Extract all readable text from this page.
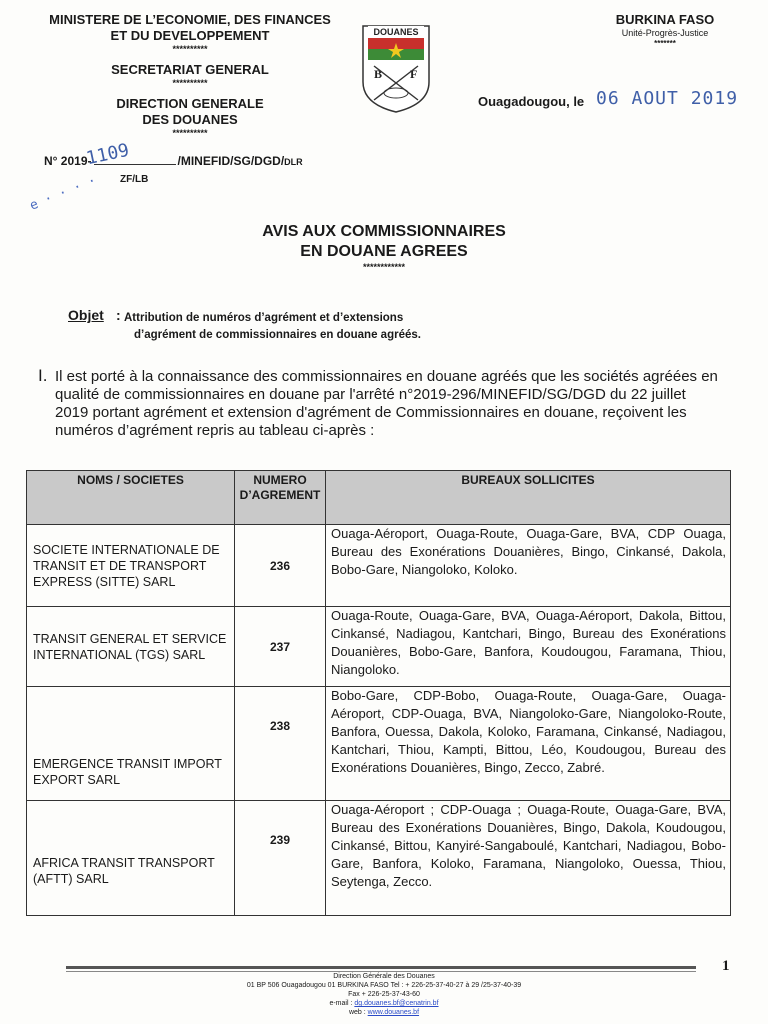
MINISTERE DE L’ECONOMIE, DES FINANCES
ET DU DEVELOPPEMENT
**********
SECRETARIAT GENERAL
**********
DIRECTION GENERALE
DES DOUANES
**********
DOUANES
B F
BURKINA FASO
Unité-Progrès-Justice
*******
Ouagadougou, le 06 AOUT 2019
N° 2019-	/MINEFID/SG/DGD/DLR
1109
ZF/LB
e · · · ·
AVIS AUX COMMISSIONNAIRES
EN DOUANE AGREES
************
Objet : Attribution de numéros d’agrément et d’extensions
d’agrément de commissionnaires en douane agréés.
I. Il est porté à la connaissance des commissionnaires en douane agréés que les sociétés agréées en qualité de commissionnaires en douane par l'arrêté n°2019-296/MINEFID/SG/DGD du 22 juillet 2019 portant agrément et extension d'agrément de Commissionnaires en douane, reçoivent les numéros d’agrément repris au tableau ci-après :
NOMS / SOCIETES	NUMERO D’AGREMENT	BUREAUX SOLLICITES
SOCIETE INTERNATIONALE DE TRANSIT ET DE TRANSPORT EXPRESS (SITTE) SARL	236	Ouaga-Aéroport, Ouaga-Route, Ouaga-Gare, BVA, CDP Ouaga, Bureau des Exonérations Douanières, Bingo, Cinkansé, Dakola, Bobo-Gare, Niangoloko, Koloko.
TRANSIT GENERAL ET SERVICE INTERNATIONAL (TGS) SARL	237	Ouaga-Route, Ouaga-Gare, BVA, Ouaga-Aéroport, Dakola, Bittou, Cinkansé, Nadiagou, Kantchari, Bingo, Bureau des Exonérations Douanières, Bobo-Gare, Banfora, Koudougou, Faramana, Thiou, Niangoloko.
EMERGENCE TRANSIT IMPORT EXPORT SARL	238	Bobo-Gare, CDP-Bobo, Ouaga-Route, Ouaga-Gare, Ouaga-Aéroport, CDP-Ouaga, BVA, Niangoloko-Gare, Niangoloko-Route, Banfora, Ouessa, Dakola, Koloko, Faramana, Cinkansé, Nadiagou, Kantchari, Thiou, Kampti, Bittou, Léo, Koudougou, Bureau des Exonérations Douanières, Bingo, Zecco, Zabré.
AFRICA TRANSIT TRANSPORT (AFTT) SARL	239	Ouaga-Aéroport ; CDP-Ouaga ; Ouaga-Route, Ouaga-Gare, BVA, Bureau des Exonérations Douanières, Bingo, Dakola, Koudougou, Cinkansé, Bittou, Kanyiré-Sangaboulé, Kantchari, Nadiagou, Bobo-Gare, Banfora, Koloko, Faramana, Niangoloko, Ouessa, Thiou, Seytenga, Zecco.
1
Direction Générale des Douanes
01 BP 506 Ouagadougou 01 BURKINA FASO Tel : + 226-25-37-40-27 à 29 /25-37-40-39
Fax + 226-25-37-43-60
e-mail : dg.douanes.bf@cenatrin.bf
web : www.douanes.bf
